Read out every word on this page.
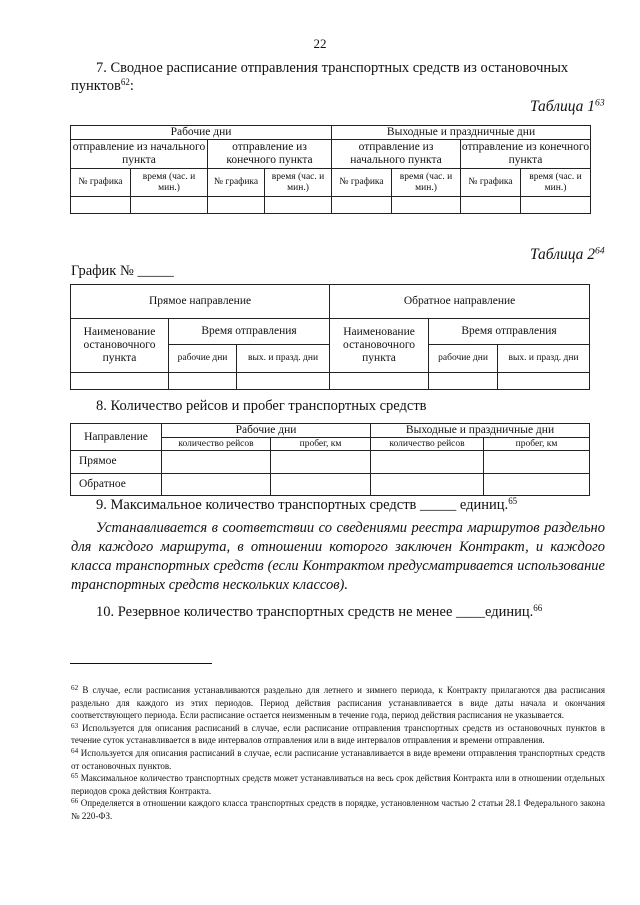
22
7. Сводное расписание отправления транспортных средств из остановочных
пунктов$^{62}$:
Таблица $1^{63}$
Рабочие дни				Выходные и праздничные дни			
отправление из начального пункта		отправление из конечного пункта		отправление из начального пункта		отправление из конечного пункта	
№ графика	время (час. и мин.)	№ графика	время (час. и мин.)	№ графика	время (час. и мин.)	№ графика	время (час. и мин.)

Таблица $2^{64}$
График № _____
Прямое направление			Обратное направление		
Наименование остановочного пункта	Время отправления		Наименование остановочного пункта	Время отправления	
	рабочие дни	вых. и празд. дни		рабочие дни	вых. и празд. дни

8. Количество рейсов и пробег транспортных средств
Направление	Рабочие дни		Выходные и праздничные дни	
	количество рейсов	пробег, км	количество рейсов	пробег, км
Прямое				
Обратное				
9. Максимальное количество транспортных средств _____ единиц.$^{65}$
Устанавливается в соответствии со сведениями реестра маршрутов раздельно для каждого маршрута, в отношении которого заключен Контракт, и каждого класса транспортных средств (если Контрактом предусматривается использование транспортных средств нескольких классов).
10. Резервное количество транспортных средств не менее ____единиц.$^{66}$

$^{62}$ В случае, если расписания устанавливаются раздельно для летнего и зимнего периода, к Контракту прилагаются два расписания раздельно для каждого из этих периодов. Период действия расписания устанавливается в виде даты начала и окончания соответствующего периода. Если расписание остается неизменным в течение года, период действия расписания не указывается.

$^{63}$ Используется для описания расписаний в случае, если расписание отправления транспортных средств из остановочных пунктов в течение суток устанавливается в виде интервалов отправления или в виде интервалов отправления и времени отправления.

$^{64}$ Используется для описания расписаний в случае, если расписание устанавливается в виде времени отправления транспортных средств от остановочных пунктов.

$^{65}$ Максимальное количество транспортных средств может устанавливаться на весь срок действия Контракта или в отношении отдельных периодов срока действия Контракта.

$^{66}$ Определяется в отношении каждого класса транспортных средств в порядке, установленном частью 2 статьи 28.1 Федерального закона № 220-ФЗ.
